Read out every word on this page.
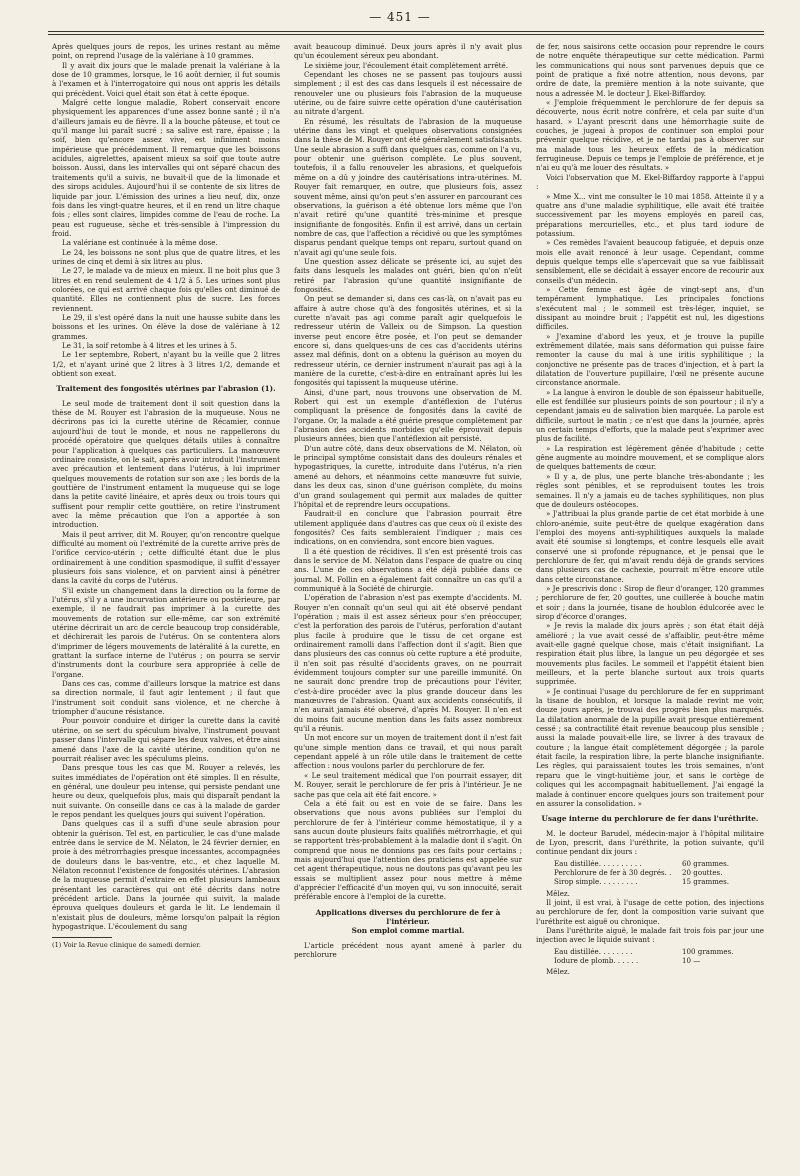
— 451 —

Après quelques jours de repos, les urines restant au même point, on reprend l'usage de la valériane à 10 grammes.

Il y avait dix jours que le malade prenait la valériane à la dose de 10 grammes, lorsque, le 16 août dernier, il fut soumis à l'examen et à l'interrogatoire qui nous ont appris les détails qui précèdent. Voici quel était son état à cette époque.

Malgré cette longue maladie, Robert conservait encore physiquement les apparences d'une assez bonne santé ; il n'a d'ailleurs jamais eu de fièvre. Il a la bouche pâteuse, et tout ce qu'il mange lui paraît sucré ; sa salive est rare, épaisse ; la soif, bien qu'encore assez vive, est infiniment moins impérieuse que précédemment. Il remarque que les boissons acidules, aigrelettes, apaisent mieux sa soif que toute autre boisson. Aussi, dans les intervalles qui ont séparé chacun des traitements qu'il a suivis, ne buvait-il que de la limonade et des sirops acidules. Aujourd'hui il se contente de six litres de liquide par jour. L'émission des urines a lieu neuf, dix, onze fois dans les vingt-quatre heures, et il en rend un litre chaque fois ; elles sont claires, limpides comme de l'eau de roche. La peau est rugueuse, sèche et très-sensible à l'impression du froid.

La valériane est continuée à la même dose.

Le 24, les boissons ne sont plus que de quatre litres, et les urines de cinq et demi à six litres au plus.

Le 27, le malade va de mieux en mieux. Il ne boit plus que 3 litres et en rend seulement de 4 1/2 à 5. Les urines sont plus colorées, ce qui est arrivé chaque fois qu'elles ont diminué de quantité. Elles ne contiennent plus de sucre. Les forces reviennent.

Le 29, il s'est opéré dans la nuit une hausse subite dans les boissons et les urines. On élève la dose de valériane à 12 grammes.

Le 31, la soif retombe à 4 litres et les urines à 5.

Le 1er septembre, Robert, n'ayant bu la veille que 2 litres 1/2, et n'ayant uriné que 2 litres à 3 litres 1/2, demande et obtient son exeat.

Traitement des fongosités utérines par l'abrasion (1).

Le seul mode de traitement dont il soit question dans la thèse de M. Rouyer est l'abrasion de la muqueuse. Nous ne décrirons pas ici la curette utérine de Récamier, connue aujourd'hui de tout le monde, et nous ne rappellerons du procédé opératoire que quelques détails utiles à connaître pour l'application à quelques cas particuliers. La manœuvre ordinaire consiste, on le sait, après avoir introduit l'instrument avec précaution et lentement dans l'utérus, à lui imprimer quelques mouvements de rotation sur son axe ; les bords de la gouttière de l'instrument entament la muqueuse qui se loge dans la petite cavité linéaire, et après deux ou trois tours qui suffisent pour remplir cette gouttière, on retire l'instrument avec la même précaution que l'on a apportée à son introduction.

Mais il peut arriver, dit M. Rouyer, qu'on rencontre quelque difficulté au moment où l'extrémité de la curette arrive près de l'orifice cervico-utérin ; cette difficulté étant due le plus ordinairement à une condition spasmodique, il suffit d'essayer plusieurs fois sans violence, et on parvient ainsi à pénétrer dans la cavité du corps de l'utérus.

S'il existe un changement dans la direction ou la forme de l'utérus, s'il y a une incurvation antérieure ou postérieure, par exemple, il ne faudrait pas imprimer à la curette des mouvements de rotation sur elle-même, car son extrémité utérine décrirait un arc de cercle beaucoup trop considérable, et déchirerait les parois de l'utérus. On se contentera alors d'imprimer de légers mouvements de latéralité à la curette, en grattant la surface interne de l'utérus ; on pourra se servir d'instruments dont la courbure sera appropriée à celle de l'organe.

Dans ces cas, comme d'ailleurs lorsque la matrice est dans sa direction normale, il faut agir lentement ; il faut que l'instrument soit conduit sans violence, et ne cherche à triompher d'aucune résistance.

Pour pouvoir conduire et diriger la curette dans la cavité utérine, on se sert du spéculum bivalve, l'instrument pouvant passer dans l'intervalle qui sépare les deux valves, et être ainsi amené dans l'axe de la cavité utérine, condition qu'on ne pourrait réaliser avec les spéculums pleins.

Dans presque tous les cas que M. Rouyer a relevés, les suites immédiates de l'opération ont été simples. Il en résulte, en général, une douleur peu intense, qui persiste pendant une heure ou deux, quelquefois plus, mais qui disparaît pendant la nuit suivante. On conseille dans ce cas à la malade de garder le repos pendant les quelques jours qui suivent l'opération.

Dans quelques cas il a suffi d'une seule abrasion pour obtenir la guérison. Tel est, en particulier, le cas d'une malade entrée dans le service de M. Nélaton, le 24 février dernier, en proie à des métrorrhagies presque incessantes, accompagnées de douleurs dans le bas-ventre, etc., et chez laquelle M. Nélaton reconnut l'existence de fongosités utérines. L'abrasion de la muqueuse permit d'extraire en effet plusieurs lambeaux présentant les caractères qui ont été décrits dans notre précédent article. Dans la journée qui suivit, la malade éprouva quelques douleurs et garda le lit. Le lendemain il n'existait plus de douleurs, même lorsqu'on palpait la région hypogastrique. L'écoulement du sang

(1) Voir la Revue clinique de samedi dernier.

avait beaucoup diminué. Deux jours après il n'y avait plus qu'un écoulement séreux peu abondant.

Le sixième jour, l'écoulement était complètement arrêté.

Cependant les choses ne se passent pas toujours aussi simplement ; il est des cas dans lesquels il est nécessaire de renouveler une ou plusieurs fois l'abrasion de la muqueuse utérine, ou de faire suivre cette opération d'une cautérisation au nitrate d'argent.

En résumé, les résultats de l'abrasion de la muqueuse utérine dans les vingt et quelques observations consignées dans la thèse de M. Rouyer ont été généralement satisfaisants. Une seule abrasion a suffi dans quelques cas, comme on l'a vu, pour obtenir une guérison complète. Le plus souvent, toutefois, il a fallu renouveler les abrasions, et quelquefois même on a dû y joindre des cautérisations intra-utérines. M. Rouyer fait remarquer, en outre, que plusieurs fois, assez souvent même, ainsi qu'on peut s'en assurer en parcourant ces observations, la guérison a été obtenue lors même que l'on n'avait retiré qu'une quantité très-minime et presque insignifiante de fongosités. Enfin il est arrivé, dans un certain nombre de cas, que l'affection a récidivé ou que les symptômes disparus pendant quelque temps ont reparu, surtout quand on n'avait agi qu'une seule fois.

Une question assez délicate se présente ici, au sujet des faits dans lesquels les malades ont guéri, bien qu'on n'eût retiré par l'abrasion qu'une quantité insignifiante de fongosités.

On peut se demander si, dans ces cas-là, on n'avait pas eu affaire à autre chose qu'à des fongosités utérines, et si la curette n'avait pas agi comme paraît agir quelquefois le redresseur utérin de Valleix ou de Simpson. La question inverse peut encore être posée, et l'on peut se demander encore si, dans quelques-uns de ces cas d'accidents utérins assez mal définis, dont on a obtenu la guérison au moyen du redresseur utérin, ce dernier instrument n'aurait pas agi à la manière de la curette, c'est-à-dire en entraînant après lui les fongosités qui tapissent la muqueuse utérine.

Ainsi, d'une part, nous trouvons une observation de M. Robert qui est un exemple d'antéflexion de l'utérus compliquant la présence de fongosités dans la cavité de l'organe. Or, la malade a été guérie presque complètement par l'abrasion des accidents morbides qu'elle éprouvait depuis plusieurs années, bien que l'antéflexion ait persisté.

D'un autre côté, dans deux observations de M. Nélaton, où le principal symptôme consistait dans des douleurs rénales et hypogastriques, la curette, introduite dans l'utérus, n'a rien amené au dehors, et néanmoins cette manœuvre fut suivie, dans les deux cas, sinon d'une guérison complète, du moins d'un grand soulagement qui permit aux malades de quitter l'hôpital et de reprendre leurs occupations.

Faudrait-il en conclure que l'abrasion pourrait être utilement appliquée dans d'autres cas que ceux où il existe des fongosités? Ces faits sembleraient l'indiquer ; mais ces indications, on en conviendra, sont encore bien vagues.

Il a été question de récidives. Il s'en est présenté trois cas dans le service de M. Nélaton dans l'espace de quatre ou cinq ans. L'une de ces observations a été déjà publiée dans ce journal. M. Follin en a également fait connaître un cas qu'il a communiqué à la Société de chirurgie.

L'opération de l'abrasion n'est pas exempte d'accidents. M. Rouyer n'en connaît qu'un seul qui ait été observé pendant l'opération ; mais il est assez sérieux pour s'en préoccuper, c'est la perforation des parois de l'utérus, perforation d'autant plus facile à produire que le tissu de cet organe est ordinairement ramolli dans l'affection dont il s'agit. Bien que dans plusieurs des cas connus où cette rupture a été produite, il n'en soit pas résulté d'accidents graves, on ne pourrait évidemment toujours compter sur une pareille immunité. On ne saurait donc prendre trop de précautions pour l'éviter, c'est-à-dire procéder avec la plus grande douceur dans les manœuvres de l'abrasion. Quant aux accidents consécutifs, il n'en aurait jamais été observé, d'après M. Rouyer. Il n'en est du moins fait aucune mention dans les faits assez nombreux qu'il a réunis.

Un mot encore sur un moyen de traitement dont il n'est fait qu'une simple mention dans ce travail, et qui nous paraît cependant appelé à un rôle utile dans le traitement de cette affection : nous voulons parler du perchlorure de fer.

« Le seul traitement médical que l'on pourrait essayer, dit M. Rouyer, serait le perchlorure de fer pris à l'intérieur. Je ne sache pas que cela ait été fait encore. »

Cela a été fait ou est en voie de se faire. Dans les observations que nous avons publiées sur l'emploi du perchlorure de fer à l'intérieur comme hémostatique, il y a sans aucun doute plusieurs faits qualifiés métrorrhagie, et qui se rapportent très-probablement à la maladie dont il s'agit. On comprend que nous ne donnions pas ces faits pour certains ; mais aujourd'hui que l'attention des praticiens est appelée sur cet agent thérapeutique, nous ne doutons pas qu'avant peu les essais se multiplient assez pour nous mettre à même d'apprécier l'efficacité d'un moyen qui, vu son innocuité, serait préférable encore à l'emploi de la curette.

Applications diverses du perchlorure de fer à l'intérieur.
Son emploi comme martial.

L'article précédent nous ayant amené à parler du perchlorure

de fer, nous saisirons cette occasion pour reprendre le cours de notre enquête thérapeutique sur cette médication. Parmi les communications qui nous sont parvenues depuis que ce point de pratique a fixé notre attention, nous devons, par ordre de date, la première mention à la note suivante, que nous a adressée M. le docteur J. Ekel-Biffardoy.

« J'emploie fréquemment le perchlorure de fer depuis sa découverte, nous écrit notre confrère, et cela par suite d'un hasard. » L'ayant prescrit dans une hémorrhagie suite de couches, je jugeai à propos de continuer son emploi pour prévenir quelque récidive, et je ne tardai pas à observer sur ma malade tous les heureux effets de la médication ferrugineuse. Depuis ce temps je l'emploie de préférence, et je n'ai eu qu'à me louer des résultats. »

Voici l'observation que M. Ekel-Biffardoy rapporte à l'appui :

» Mme X... vint me consulter le 10 mai 1858. Atteinte il y a quatre ans d'une maladie syphilitique, elle avait été traitée successivement par les moyens employés en pareil cas, préparations mercurielles, etc., et plus tard iodure de potassium.

» Ces remèdes l'avaient beaucoup fatiguée, et depuis onze mois elle avait renoncé à leur usage. Cependant, comme depuis quelque temps elle s'apercevait que sa vue faiblissait sensiblement, elle se décidait à essayer encore de recourir aux conseils d'un médecin.

» Cette femme est âgée de vingt-sept ans, d'un tempérament lymphatique. Les principales fonctions s'exécutent mal ; le sommeil est très-léger, inquiet, se dissipant au moindre bruit ; l'appétit est nul, les digestions difficiles.

» J'examine d'abord les yeux, et je trouve la pupille extrêmement dilatée, mais sans déformation qui puisse faire remonter la cause du mal à une iritis syphilitique ; la conjonctive ne présente pas de traces d'injection, et à part la dilatation de l'ouverture pupillaire, l'œil ne présente aucune circonstance anormale.

» La langue à environ le double de son épaisseur habituelle, elle est fendillée sur plusieurs points de son pourtour ; il n'y a cependant jamais eu de salivation bien marquée. La parole est difficile, surtout le matin ; ce n'est que dans la journée, après un certain temps d'efforts, que la malade peut s'exprimer avec plus de facilité.

» La respiration est légèrement gênée d'habitude ; cette gêne augmente au moindre mouvement, et se complique alors de quelques battements de cœur.

» Il y a, de plus, une perte blanche très-abondante ; les règles sont pénibles, et se reproduisent toutes les trois semaines. Il n'y a jamais eu de taches syphilitiques, non plus que de douleurs ostéocopes.

» J'attribuai la plus grande partie de cet état morbide à une chloro-anémie, suite peut-être de quelque exagération dans l'emploi des moyens anti-syphilitiques auxquels la malade avait été soumise si longtemps, et contre lesquels elle avait conservé une si profonde répugnance, et je pensai que le perchlorure de fer, qui m'avait rendu déjà de grands services dans plusieurs cas de cachexie, pourrait m'être encore utile dans cette circonstance.

» Je prescrivis donc : Sirop de fleur d'oranger, 120 grammes ; perchlorure de fer, 20 gouttes, une cuillerée à bouche matin et soir ; dans la journée, tisane de houblon édulcorée avec le sirop d'écorce d'oranges.

» Je revis la malade dix jours après ; son état était déjà amélioré ; la vue avait cessé de s'affaiblir, peut-être même avait-elle gagné quelque chose, mais c'était insignifiant. La respiration était plus libre, la langue un peu dégorgée et ses mouvements plus faciles. Le sommeil et l'appétit étaient bien meilleurs, et la perte blanche surtout aux trois quarts supprimée.

» Je continuai l'usage du perchlorure de fer en supprimant la tisane de houblon, et lorsque la malade revint me voir, douze jours après, je trouvai des progrès bien plus marqués. La dilatation anormale de la pupille avait presque entièrement cessé ; sa contractilité était revenue beaucoup plus sensible ; aussi la malade pouvait-elle lire, se livrer à des travaux de couture ; la langue était complètement dégorgée ; la parole était facile, la respiration libre, la perte blanche insignifiante. Les règles, qui paraissaient toutes les trois semaines, n'ont reparu que le vingt-huitième jour, et sans le cortège de coliques qui les accompagnait habituellement. J'ai engagé la malade à continuer encore quelques jours son traitement pour en assurer la consolidation. »

Usage interne du perchlorure de fer dans l'uréthrite.

M. le docteur Barudel, médecin-major à l'hôpital militaire de Lyon, prescrit, dans l'uréthrite, la potion suivante, qu'il continue pendant dix jours :

Eau distillée. . . . . . . . . .	60 grammes.
Perchlorure de fer à 30 degrés. .	20 gouttes.
Sirop simple. . . . . . . . .	15 grammes.

Mêlez.

Il joint, il est vrai, à l'usage de cette potion, des injections au perchlorure de fer, dont la composition varie suivant que l'uréthrite est aiguë ou chronique.

Dans l'uréthrite aiguë, le malade fait trois fois par jour une injection avec le liquide suivant :

Eau distillée. . . . . . . .	100 grammes.
Iodure de plomb. . . . . .	10 —

Mêlez.
